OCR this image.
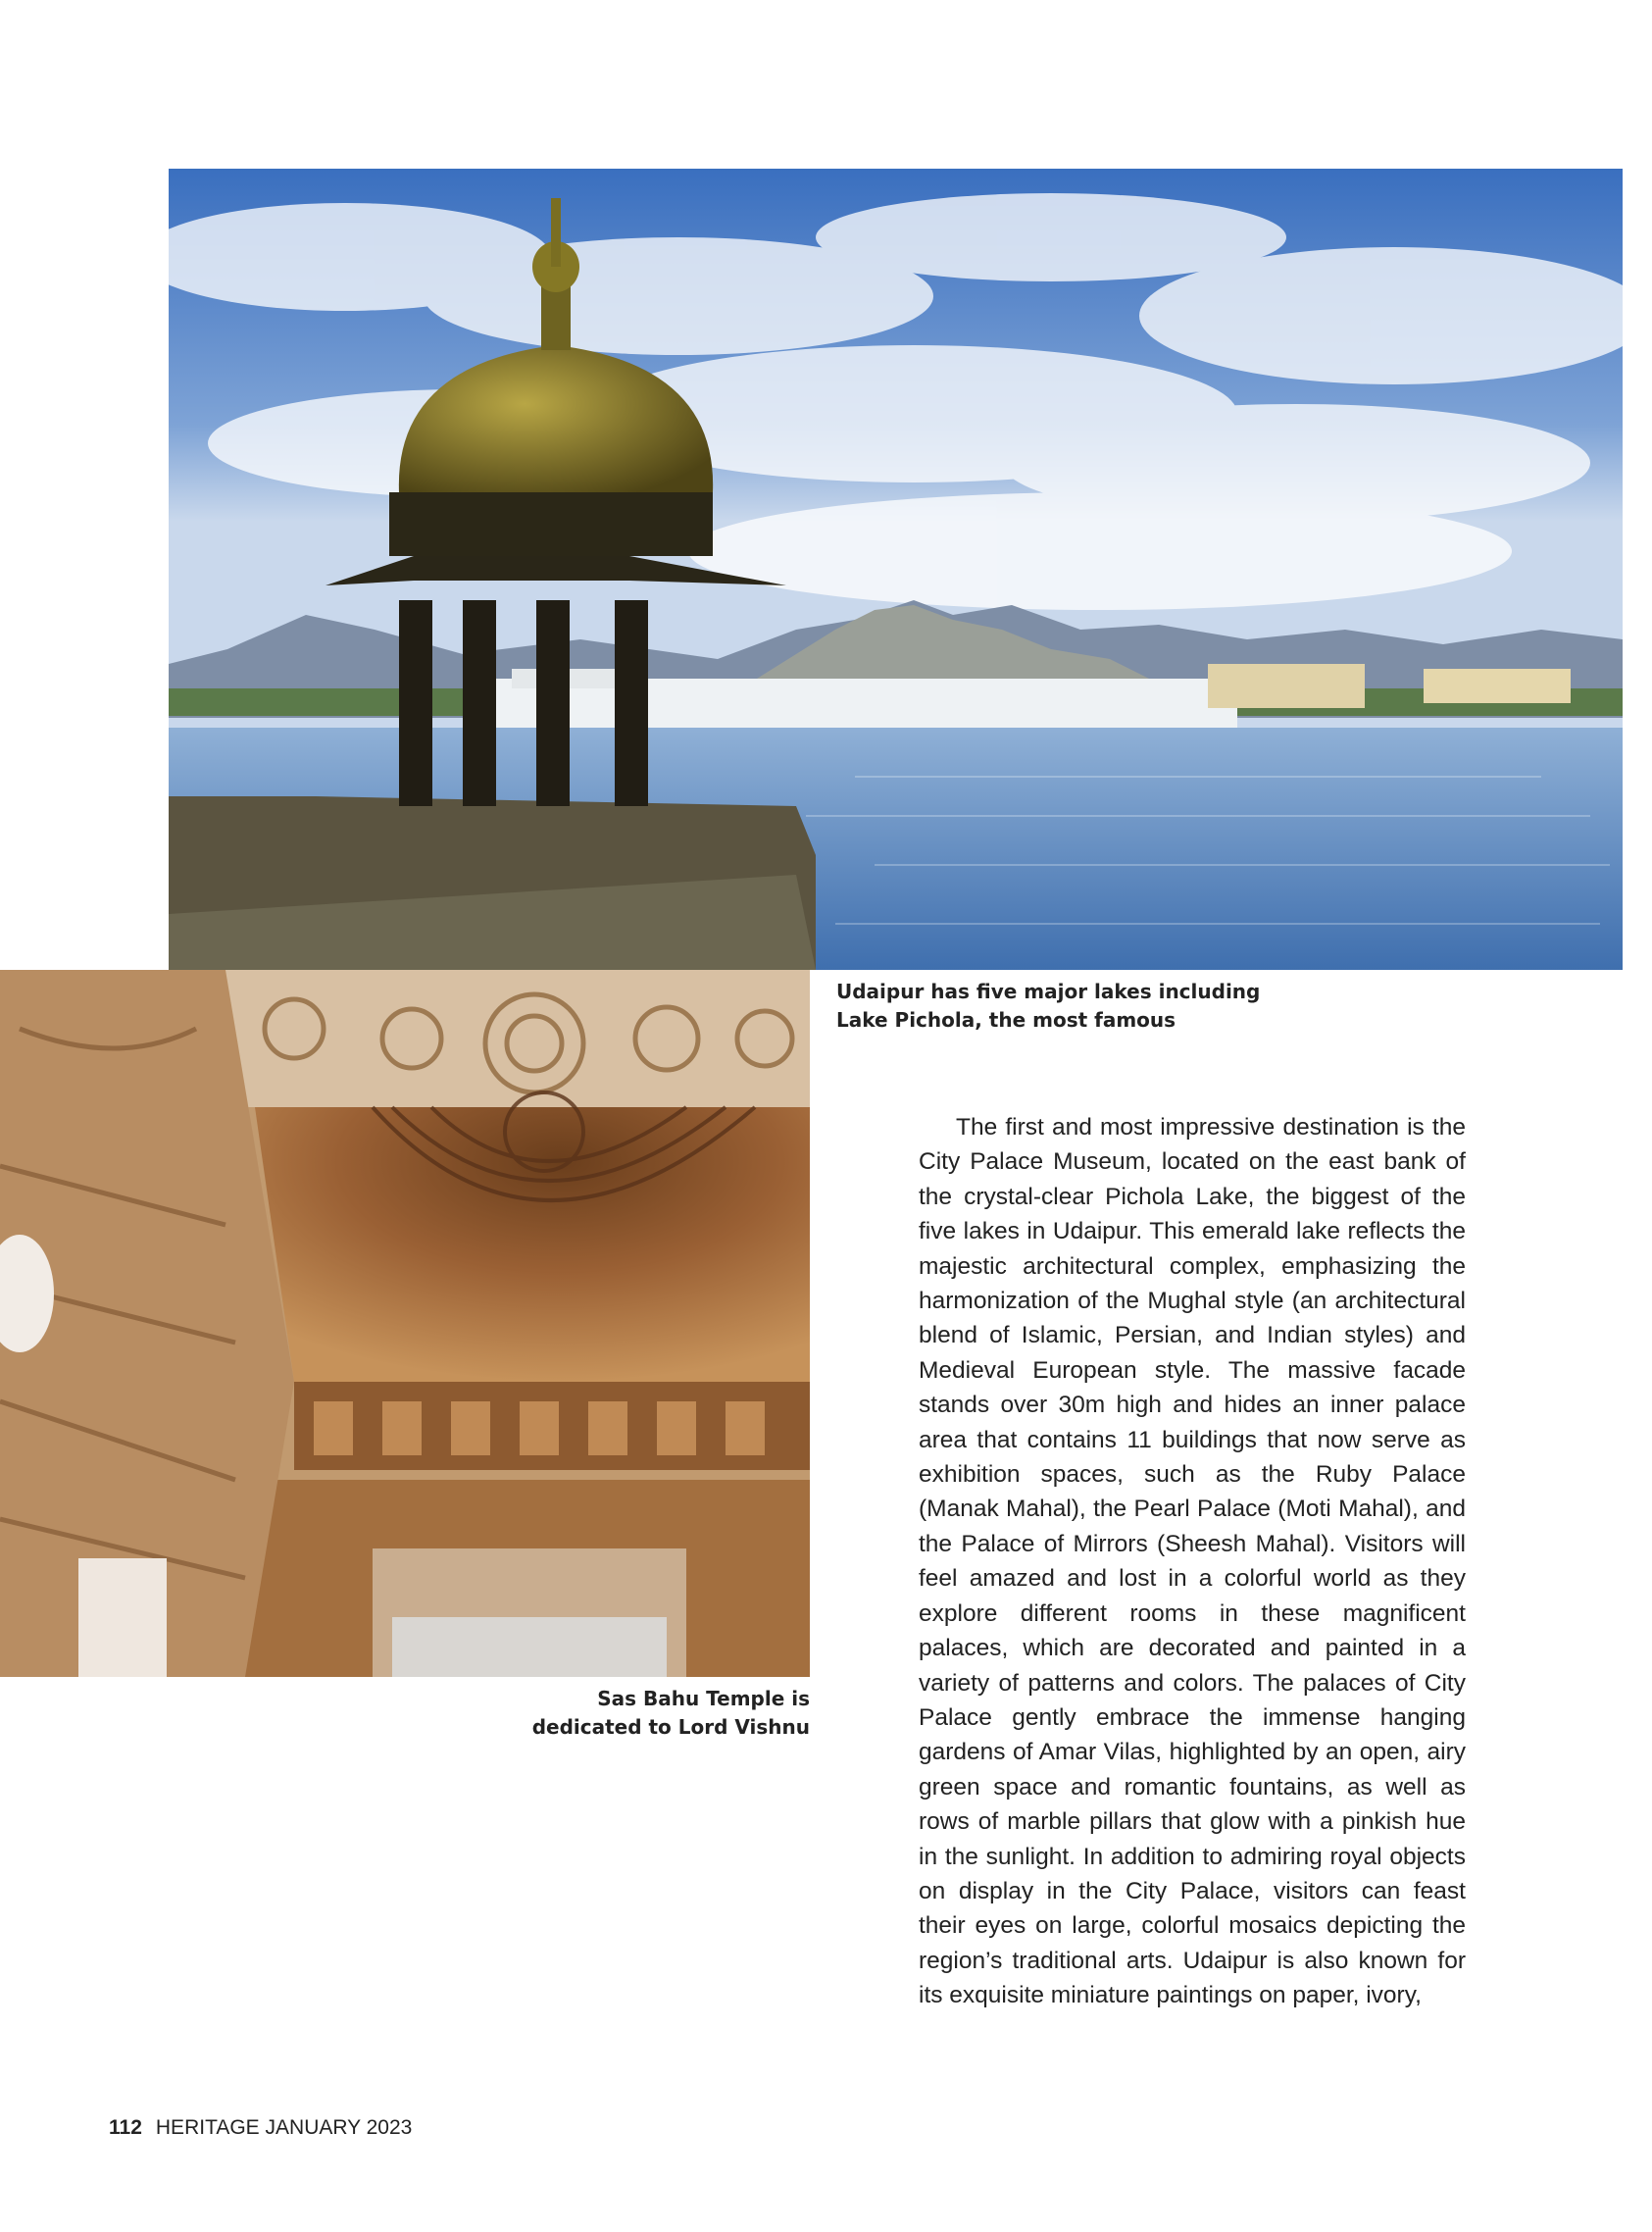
Udaipur has five major lakes including
Lake Pichola, the most famous
Sas Bahu Temple is
dedicated to Lord Vishnu

The first and most impressive destination is the City Palace Museum, located on the east bank of the crystal-clear Pichola Lake, the biggest of the five lakes in Udaipur. This emerald lake reflects the majestic architectural complex, emphasizing the harmonization of the Mughal style (an architectural blend of Islamic, Persian, and Indian styles) and Medieval European style. The massive facade stands over 30m high and hides an inner palace area that contains 11 buildings that now serve as exhibition spaces, such as the Ruby Palace (Manak Mahal), the Pearl Palace (Moti Mahal), and the Palace of Mirrors (Sheesh Mahal). Visitors will feel amazed and lost in a colorful world as they explore different rooms in these magnificent palaces, which are decorated and painted in a variety of patterns and colors. The palaces of City Palace gently embrace the immense hanging gardens of Amar Vilas, highlighted by an open, airy green space and romantic fountains, as well as rows of marble pillars that glow with a pinkish hue in the sunlight. In addition to admiring royal objects on display in the City Palace, visitors can feast their eyes on large, colorful mosaics depicting the region’s traditional arts. Udaipur is also known for its exquisite miniature paintings on paper, ivory,

112 HERITAGE JANUARY 2023
